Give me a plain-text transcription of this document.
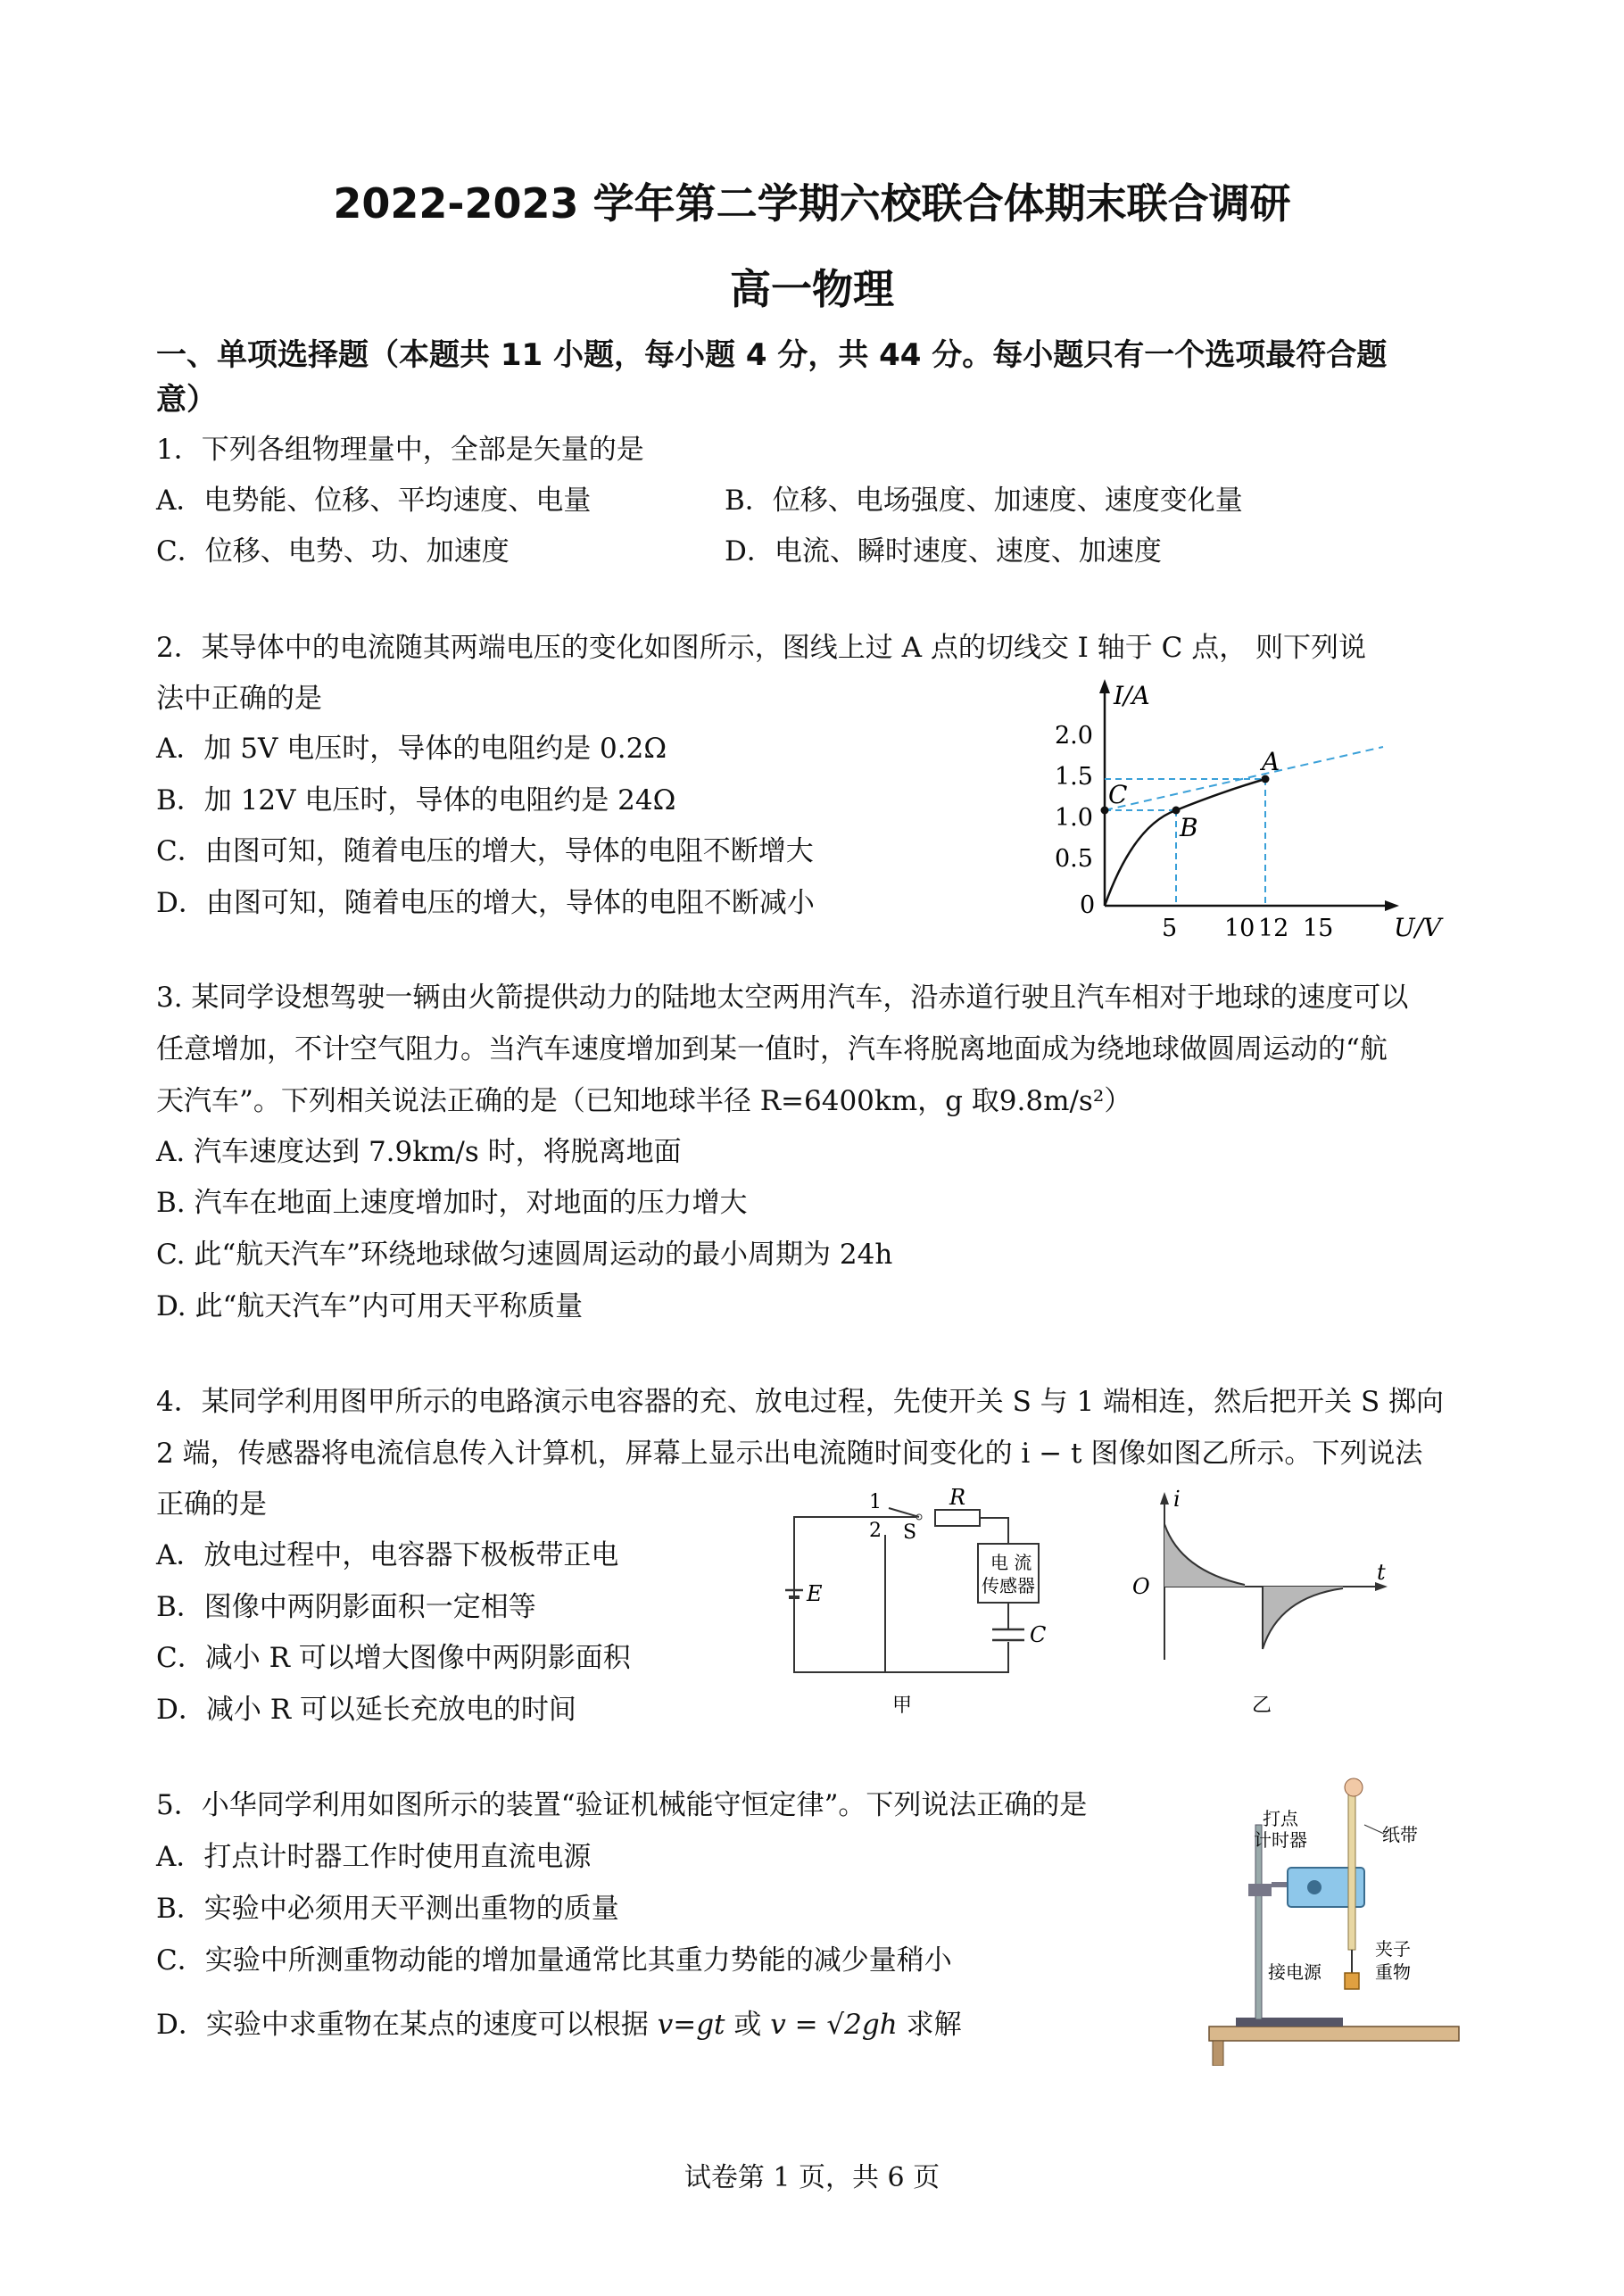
2022-2023 学年第二学期六校联合体期末联合调研
高一物理
一、单项选择题（本题共 11 小题，每小题 4 分，共 44 分。每小题只有一个选项最符合题
意）
1．下列各组物理量中，全部是矢量的是
A．电势能、位移、平均速度、电量	B．位移、电场强度、加速度、速度变化量
C．位移、电势、功、加速度	D．电流、瞬时速度、速度、加速度
2．某导体中的电流随其两端电压的变化如图所示，图线上过 A 点的切线交 I 轴于 C 点， 则下列说
法中正确的是
A．加 5V 电压时，导体的电阻约是 0.2Ω
B．加 12V 电压时，导体的电阻约是 24Ω
C．由图可知，随着电压的增大，导体的电阻不断增大
D．由图可知，随着电压的增大，导体的电阻不断减小
I/A
U/V
2.0
1.5
1.0
0.5
0
5 10 12 15
A
B
C
3. 某同学设想驾驶一辆由火箭提供动力的陆地太空两用汽车，沿赤道行驶且汽车相对于地球的速度可以
任意增加，不计空气阻力。当汽车速度增加到某一值时，汽车将脱离地面成为绕地球做圆周运动的“航
天汽车”。下列相关说法正确的是（已知地球半径 R=6400km，g 取9.8m/s²）
A. 汽车速度达到 7.9km/s 时，将脱离地面
B. 汽车在地面上速度增加时，对地面的压力增大
C. 此“航天汽车”环绕地球做匀速圆周运动的最小周期为 24h
D. 此“航天汽车”内可用天平称质量
4．某同学利用图甲所示的电路演示电容器的充、放电过程，先使开关 S 与 1 端相连，然后把开关 S 掷向
2 端，传感器将电流信息传入计算机，屏幕上显示出电流随时间变化的 i − t 图像如图乙所示。下列说法
正确的是
A．放电过程中，电容器下极板带正电
B．图像中两阴影面积一定相等
C．减小 R 可以增大图像中两阴影面积
D．减小 R 可以延长充放电的时间
E
1
2 S
R
电 流
传感器
C
甲
i
t
O
乙
5．小华同学利用如图所示的装置“验证机械能守恒定律”。下列说法正确的是
A．打点计时器工作时使用直流电源
B．实验中必须用天平测出重物的质量
C．实验中所测重物动能的增加量通常比其重力势能的减少量稍小
D．实验中求重物在某点的速度可以根据 v=gt 或 v = √2gh 求解
打点
计时器	纸带
夹子
重物
接电源
试卷第 1 页，共 6 页
